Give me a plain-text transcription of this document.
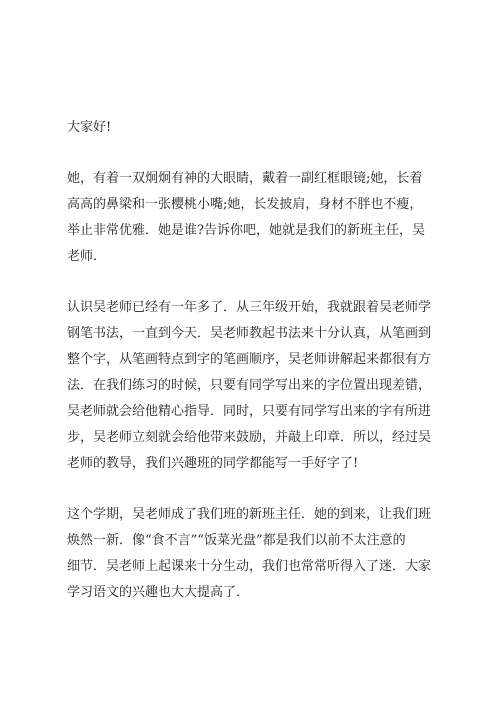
大家好!
她，有着一双炯炯有神的大眼睛，戴着一副红框眼镜;她，长着
高高的鼻梁和一张樱桃小嘴;她，长发披肩，身材不胖也不瘦，
举止非常优雅．她是谁?告诉你吧，她就是我们的新班主任，吴
老师．
认识吴老师已经有一年多了．从三年级开始，我就跟着吴老师学
钢笔书法，一直到今天．吴老师教起书法来十分认真，从笔画到
整个字，从笔画特点到字的笔画顺序，吴老师讲解起来都很有方
法．在我们练习的时候，只要有同学写出来的字位置出现差错，
吴老师就会给他精心指导．同时，只要有同学写出来的字有所进
步，吴老师立刻就会给他带来鼓励，并敲上印章．所以，经过吴
老师的教导，我们兴趣班的同学都能写一手好字了!
这个学期，吴老师成了我们班的新班主任．她的到来，让我们班
焕然一新．像“食不言”“饭菜光盘”都是我们以前不太注意的
细节．吴老师上起课来十分生动，我们也常常听得入了迷．大家
学习语文的兴趣也大大提高了．
